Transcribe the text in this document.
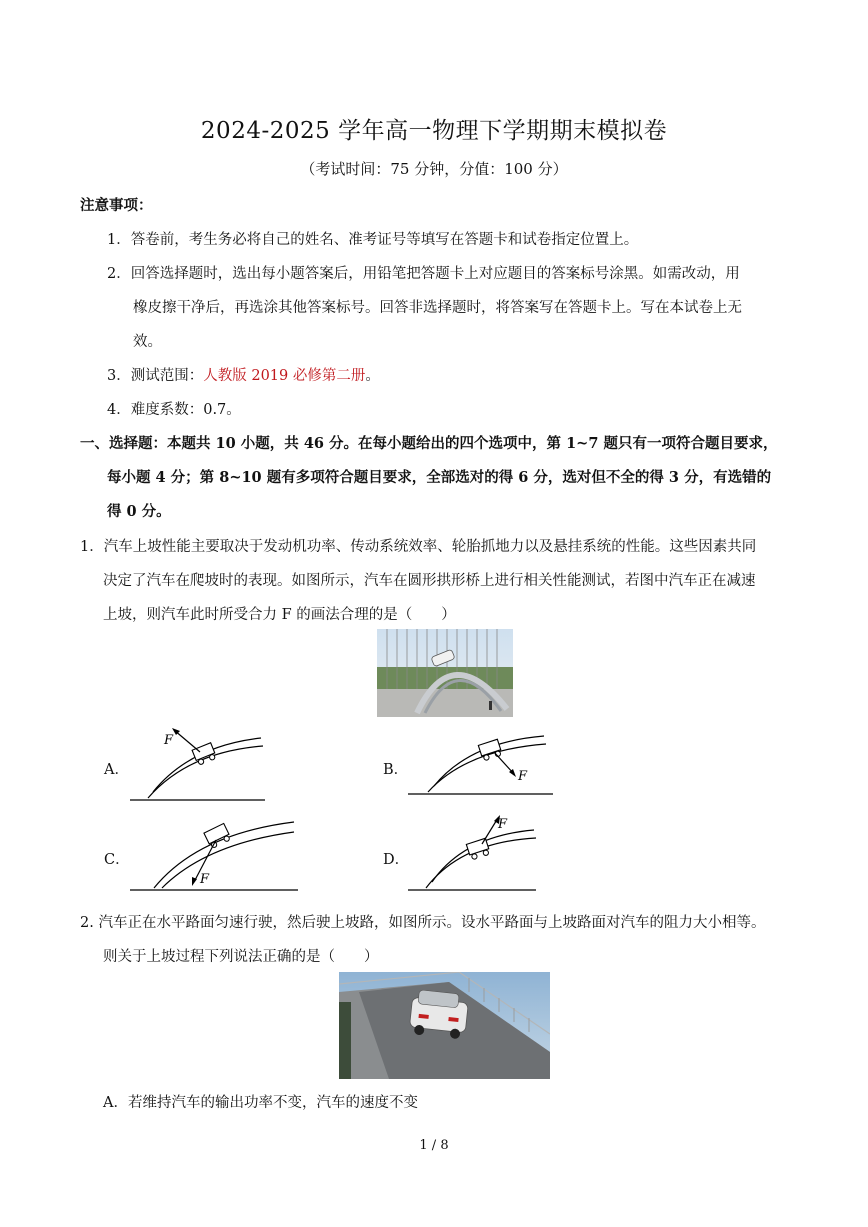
2024-2025 学年高一物理下学期期末模拟卷
（考试时间：75 分钟，分值：100 分）
注意事项：
1．答卷前，考生务必将自己的姓名、准考证号等填写在答题卡和试卷指定位置上。
2．回答选择题时，选出每小题答案后，用铅笔把答题卡上对应题目的答案标号涂黑。如需改动，用
橡皮擦干净后，再选涂其他答案标号。回答非选择题时，将答案写在答题卡上。写在本试卷上无
效。
3．测试范围：人教版 2019 必修第二册。
4．难度系数：0.7。
一、选择题：本题共 10 小题，共 46 分。在每小题给出的四个选项中，第 1~7 题只有一项符合题目要求，
每小题 4 分；第 8~10 题有多项符合题目要求，全部选对的得 6 分，选对但不全的得 3 分，有选错的
得 0 分。
1．汽车上坡性能主要取决于发动机功率、传动系统效率、轮胎抓地力以及悬挂系统的性能。这些因素共同
决定了汽车在爬坡时的表现。如图所示，汽车在圆形拱形桥上进行相关性能测试，若图中汽车正在减速
上坡，则汽车此时所受合力 F 的画法合理的是（　　）
A．
F
B．	F
C．
F
D．
F
2. 汽车正在水平路面匀速行驶，然后驶上坡路，如图所示。设水平路面与上坡路面对汽车的阻力大小相等。
则关于上坡过程下列说法正确的是（　　）
A．若维持汽车的输出功率不变，汽车的速度不变
1 / 8
